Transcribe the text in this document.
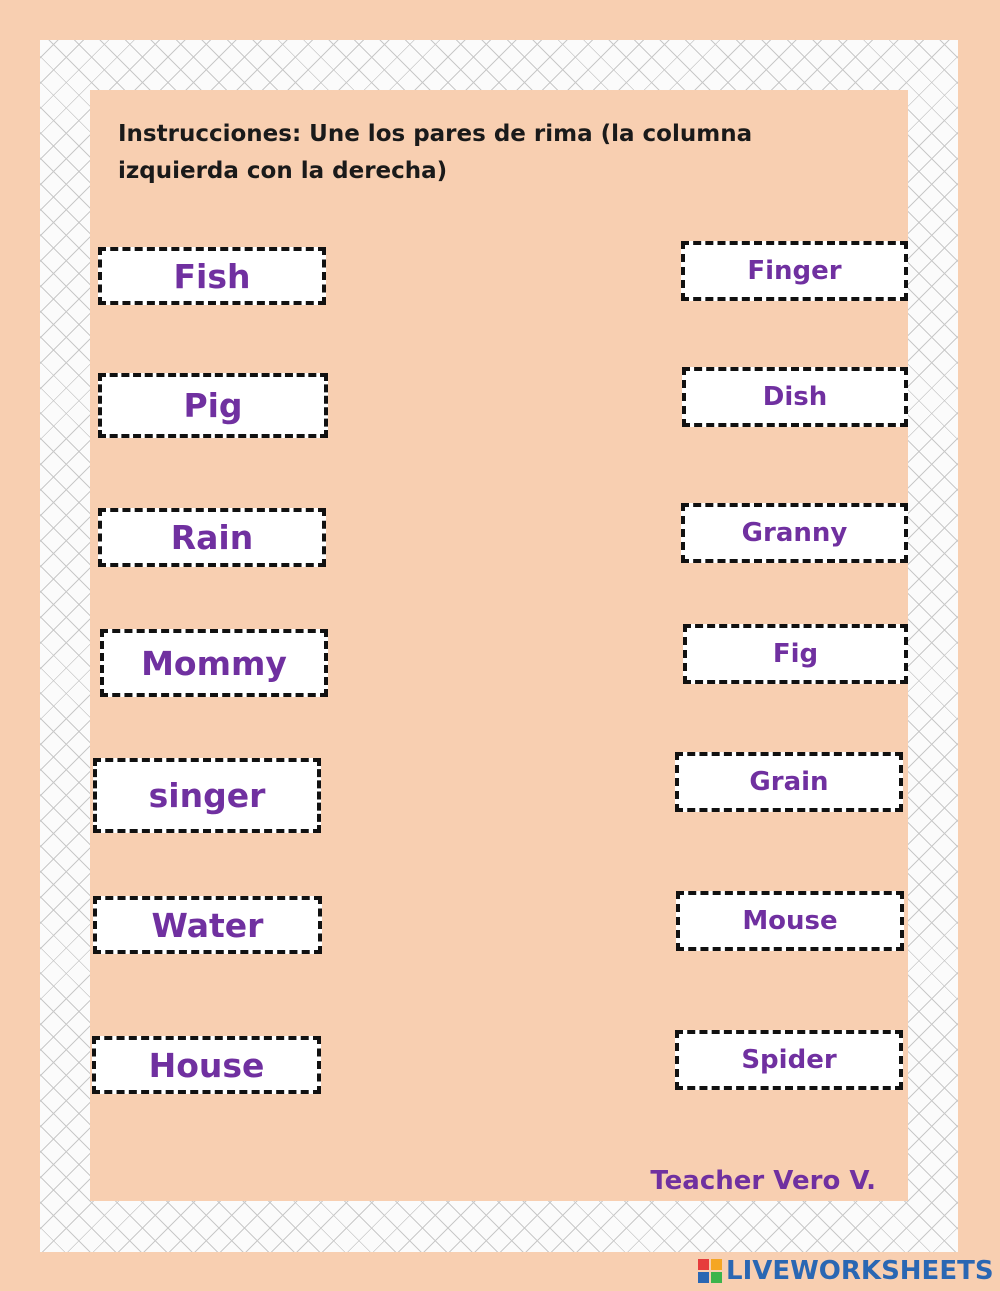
Instrucciones: Une los pares de rima (la columna izquierda con la derecha)

Fish
Pig
Rain
Mommy
singer
Water
House
Finger
Dish
Granny
Fig
Grain
Mouse
Spider
Teacher Vero V.
LIVEWORKSHEETS
